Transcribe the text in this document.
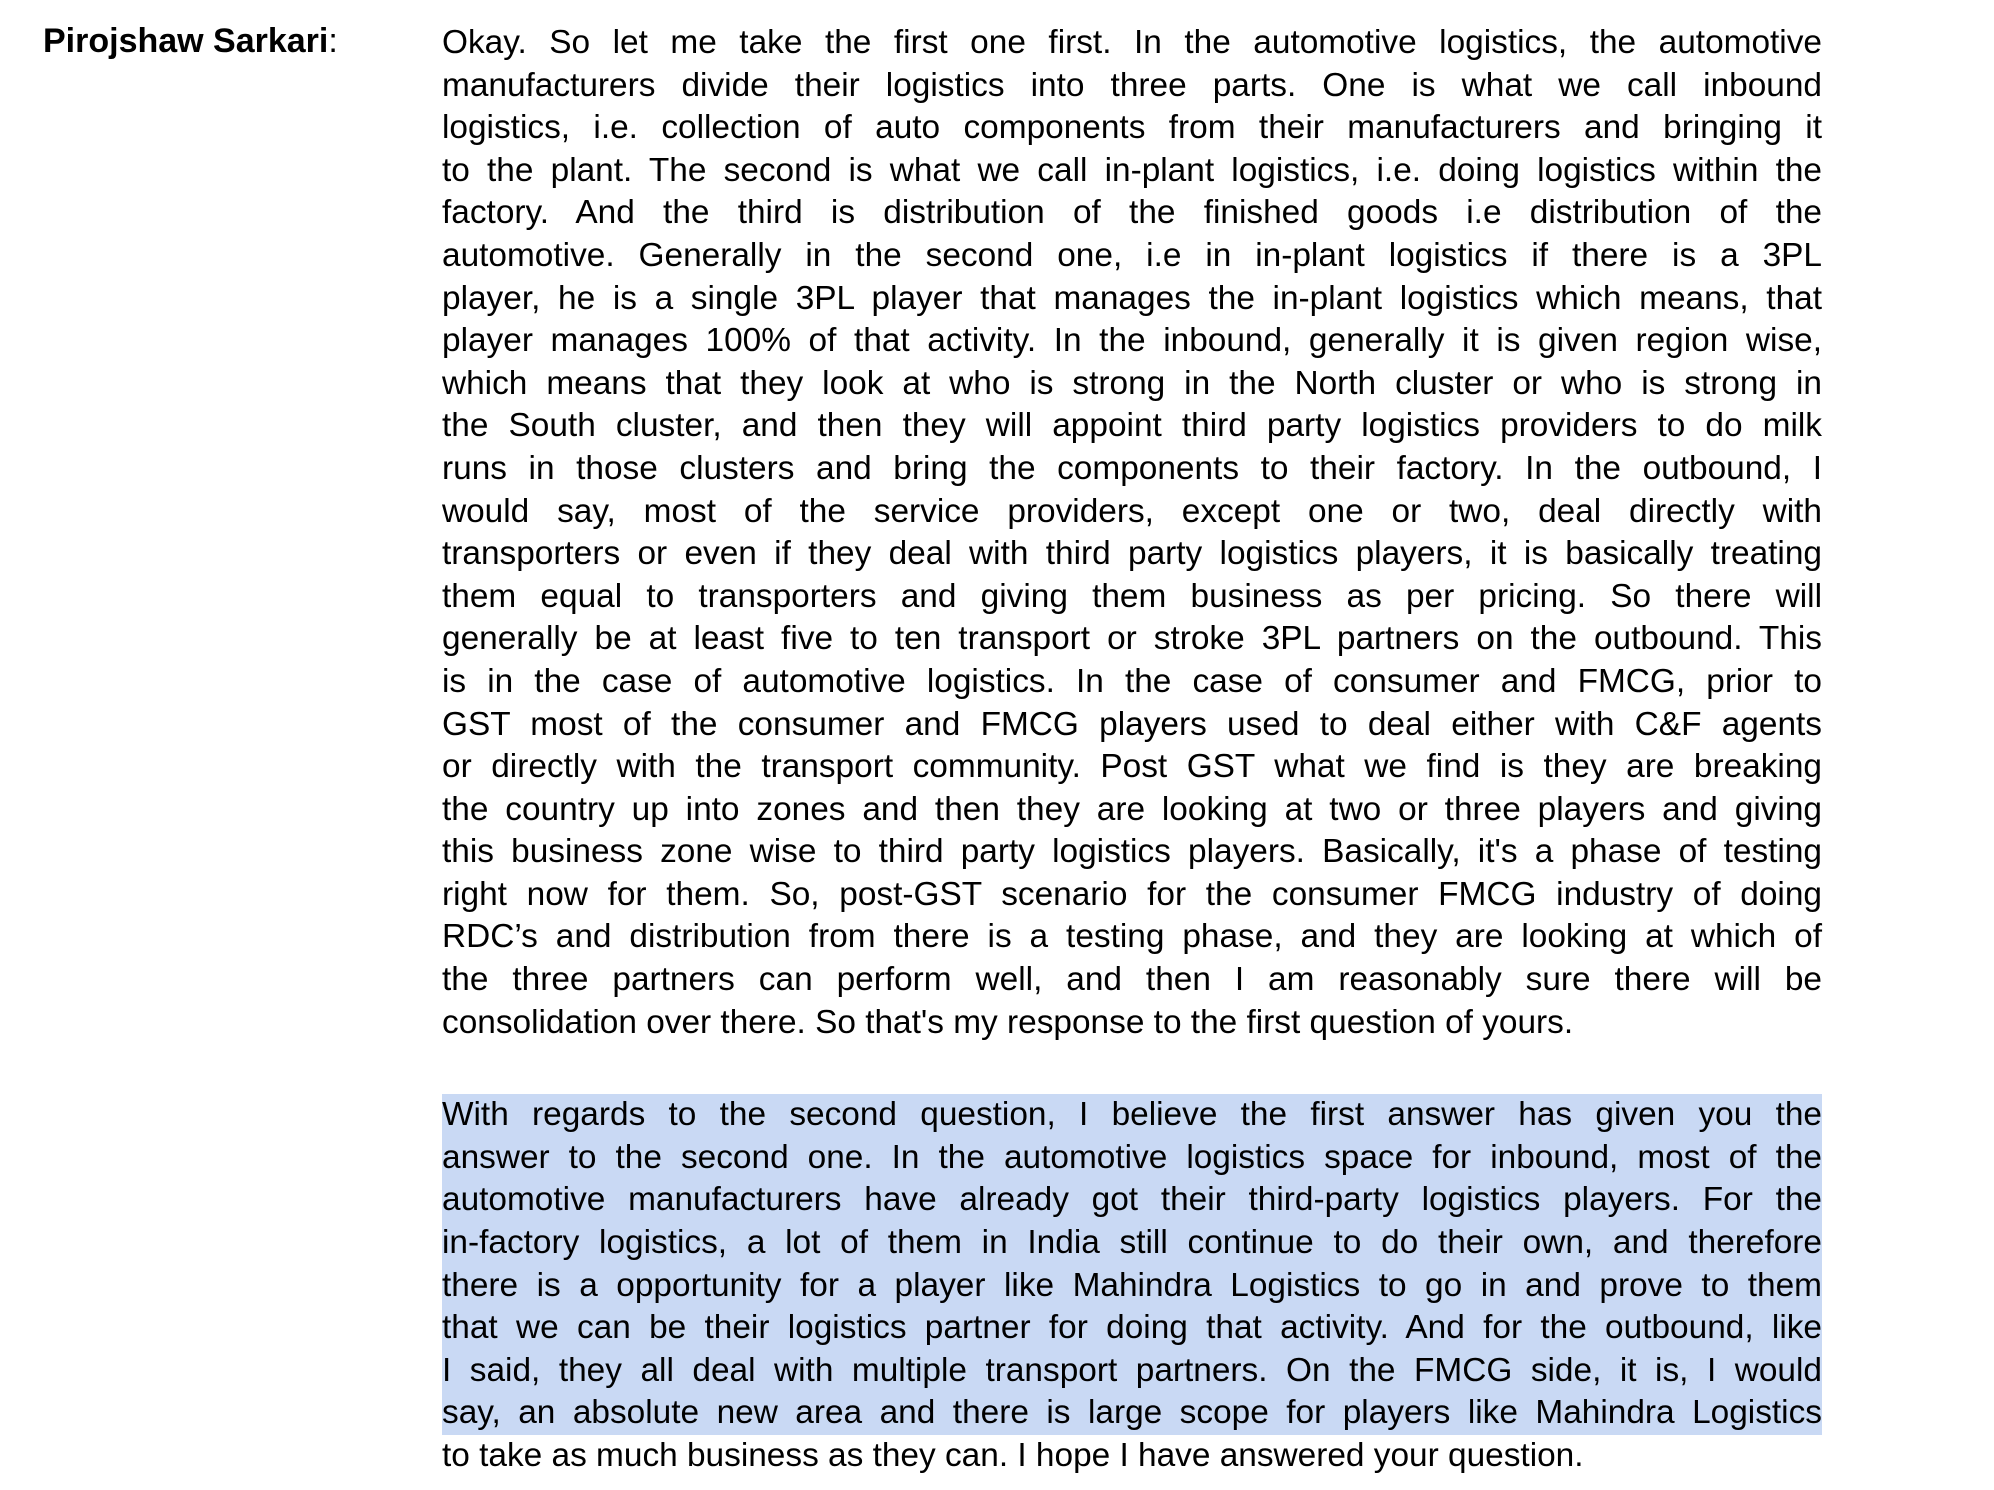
Pirojshaw Sarkari:	Okay. So let me take the first one first. In the automotive logistics, the automotive
manufacturers divide their logistics into three parts. One is what we call inbound
logistics, i.e. collection of auto components from their manufacturers and bringing it
to the plant. The second is what we call in-plant logistics, i.e. doing logistics within the
factory. And the third is distribution of the finished goods i.e distribution of the
automotive. Generally in the second one, i.e in in-plant logistics if there is a 3PL
player, he is a single 3PL player that manages the in-plant logistics which means, that
player manages 100% of that activity. In the inbound, generally it is given region wise,
which means that they look at who is strong in the North cluster or who is strong in
the South cluster, and then they will appoint third party logistics providers to do milk
runs in those clusters and bring the components to their factory. In the outbound, I
would say, most of the service providers, except one or two, deal directly with
transporters or even if they deal with third party logistics players, it is basically treating
them equal to transporters and giving them business as per pricing. So there will
generally be at least five to ten transport or stroke 3PL partners on the outbound. This
is in the case of automotive logistics. In the case of consumer and FMCG, prior to
GST most of the consumer and FMCG players used to deal either with C&F agents
or directly with the transport community. Post GST what we find is they are breaking
the country up into zones and then they are looking at two or three players and giving
this business zone wise to third party logistics players. Basically, it's a phase of testing
right now for them. So, post-GST scenario for the consumer FMCG industry of doing
RDC’s and distribution from there is a testing phase, and they are looking at which of
the three partners can perform well, and then I am reasonably sure there will be
consolidation over there. So that's my response to the first question of yours.
With regards to the second question, I believe the first answer has given you the
answer to the second one. In the automotive logistics space for inbound, most of the
automotive manufacturers have already got their third-party logistics players. For the
in-factory logistics, a lot of them in India still continue to do their own, and therefore
there is a opportunity for a player like Mahindra Logistics to go in and prove to them
that we can be their logistics partner for doing that activity. And for the outbound, like
I said, they all deal with multiple transport partners. On the FMCG side, it is, I would
say, an absolute new area and there is large scope for players like Mahindra Logistics
to take as much business as they can. I hope I have answered your question.
